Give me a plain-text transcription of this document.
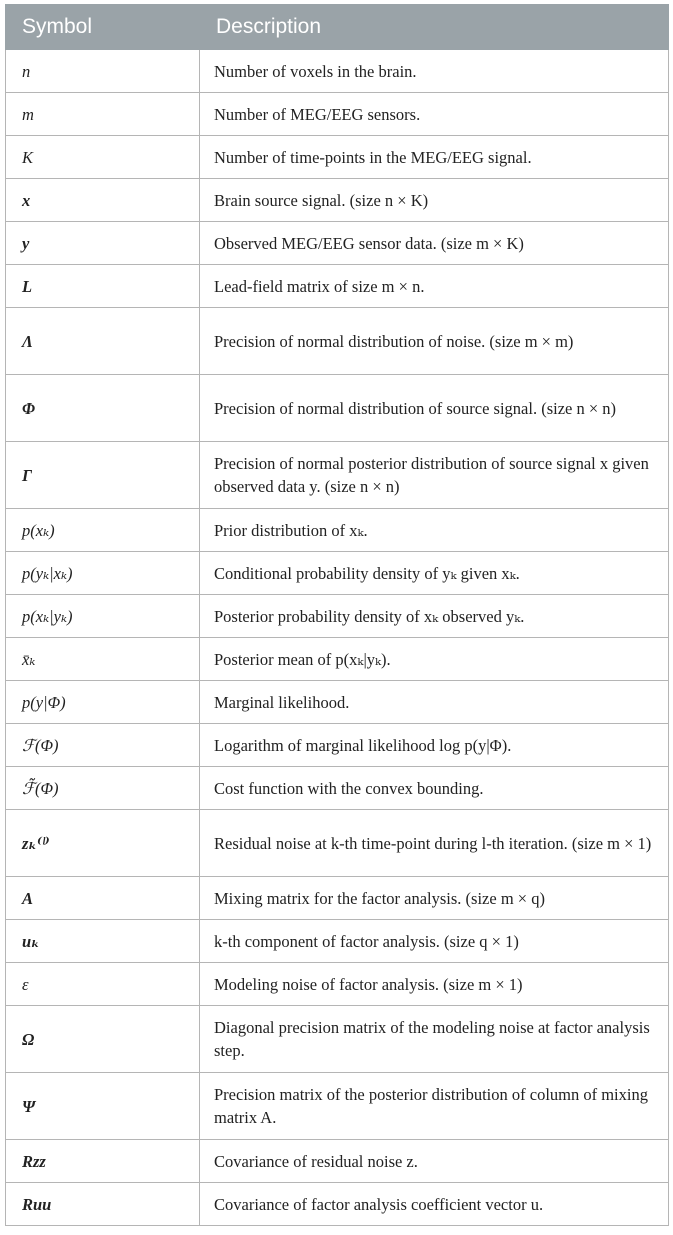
Symbol	Description
n	Number of voxels in the brain.
m	Number of MEG/EEG sensors.
K	Number of time-points in the MEG/EEG signal.
x	Brain source signal. (size n × K)
y	Observed MEG/EEG sensor data. (size m × K)
L	Lead-field matrix of size m × n.
Λ	Precision of normal distribution of noise. (size m × m)
Φ	Precision of normal distribution of source signal. (size n × n)
Γ	Precision of normal posterior distribution of source signal x given observed data y. (size n × n)
p(xₖ)	Prior distribution of xₖ.
p(yₖ|xₖ)	Conditional probability density of yₖ given xₖ.
p(xₖ|yₖ)	Posterior probability density of xₖ observed yₖ.
x̄ₖ	Posterior mean of p(xₖ|yₖ).
p(y|Φ)	Marginal likelihood.
ℱ(Φ)	Logarithm of marginal likelihood log p(y|Φ).
ℱ̃(Φ)	Cost function with the convex bounding.
zₖ⁽ˡ⁾	Residual noise at k-th time-point during l-th iteration. (size m × 1)
A	Mixing matrix for the factor analysis. (size m × q)
uₖ	k-th component of factor analysis. (size q × 1)
ε	Modeling noise of factor analysis. (size m × 1)
Ω	Diagonal precision matrix of the modeling noise at factor analysis step.
Ψ	Precision matrix of the posterior distribution of column of mixing matrix A.
Rzz	Covariance of residual noise z.
Ruu	Covariance of factor analysis coefficient vector u.
